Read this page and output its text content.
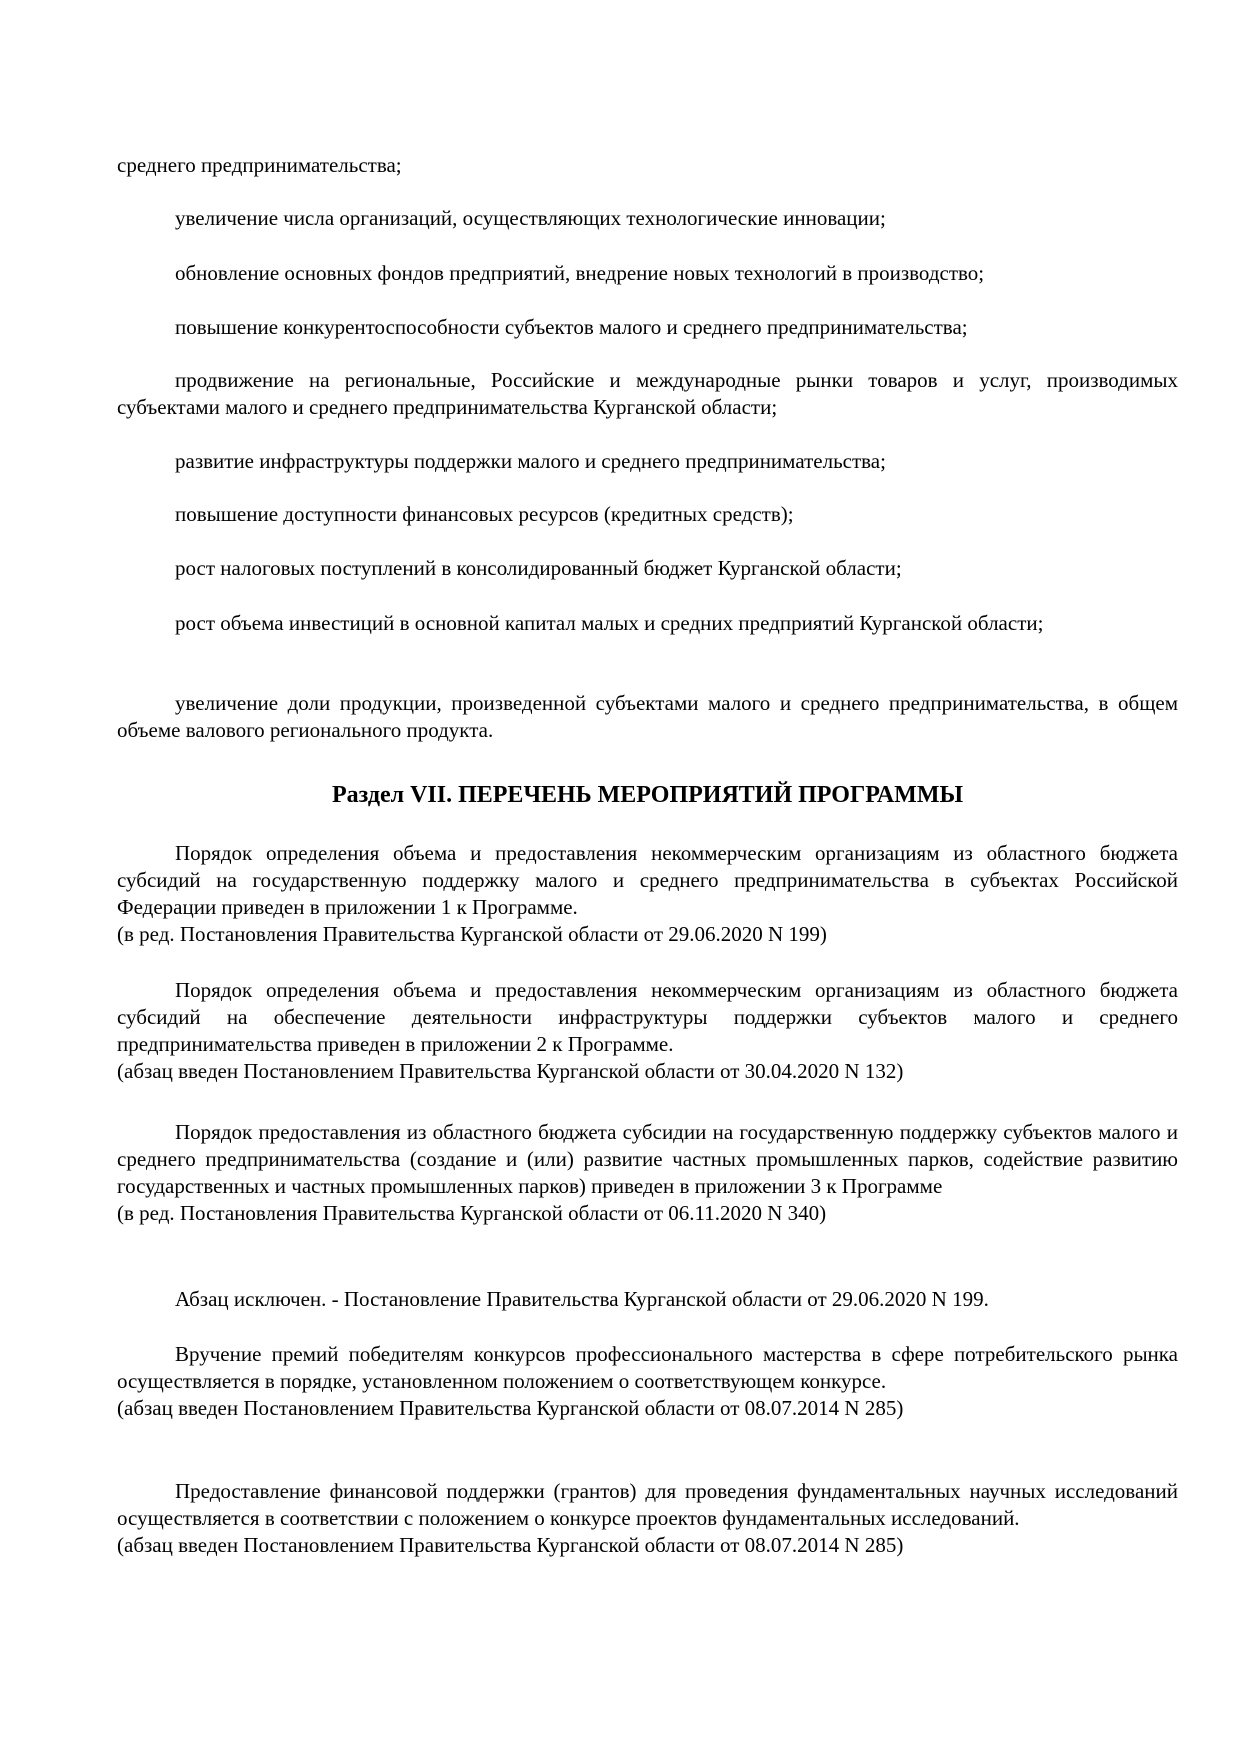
среднего предпринимательства;

увеличение числа организаций, осуществляющих технологические инновации;

обновление основных фондов предприятий, внедрение новых технологий в производство;

повышение конкурентоспособности субъектов малого и среднего предпринимательства;

продвижение на региональные, Российские и международные рынки товаров и услуг, производимых субъектами малого и среднего предпринимательства Курганской области;

развитие инфраструктуры поддержки малого и среднего предпринимательства;

повышение доступности финансовых ресурсов (кредитных средств);

рост налоговых поступлений в консолидированный бюджет Курганской области;

рост объема инвестиций в основной капитал малых и средних предприятий Курганской области;

увеличение доли продукции, произведенной субъектами малого и среднего предпринимательства, в общем объеме валового регионального продукта.

Раздел VII. ПЕРЕЧЕНЬ МЕРОПРИЯТИЙ ПРОГРАММЫ

Порядок определения объема и предоставления некоммерческим организациям из областного бюджета субсидий на государственную поддержку малого и среднего предпринимательства в субъектах Российской Федерации приведен в приложении 1 к Программе.

(в ред. Постановления Правительства Курганской области от 29.06.2020 N 199)

Порядок определения объема и предоставления некоммерческим организациям из областного бюджета субсидий на обеспечение деятельности инфраструктуры поддержки субъектов малого и среднего предпринимательства приведен в приложении 2 к Программе.

(абзац введен Постановлением Правительства Курганской области от 30.04.2020 N 132)

Порядок предоставления из областного бюджета субсидии на государственную поддержку субъектов малого и среднего предпринимательства (создание и (или) развитие частных промышленных парков, содействие развитию государственных и частных промышленных парков) приведен в приложении 3 к Программе

(в ред. Постановления Правительства Курганской области от 06.11.2020 N 340)

Абзац исключен. - Постановление Правительства Курганской области от 29.06.2020 N 199.

Вручение премий победителям конкурсов профессионального мастерства в сфере потребительского рынка осуществляется в порядке, установленном положением о соответствующем конкурсе.

(абзац введен Постановлением Правительства Курганской области от 08.07.2014 N 285)

Предоставление финансовой поддержки (грантов) для проведения фундаментальных научных исследований осуществляется в соответствии с положением о конкурсе проектов фундаментальных исследований.

(абзац введен Постановлением Правительства Курганской области от 08.07.2014 N 285)
